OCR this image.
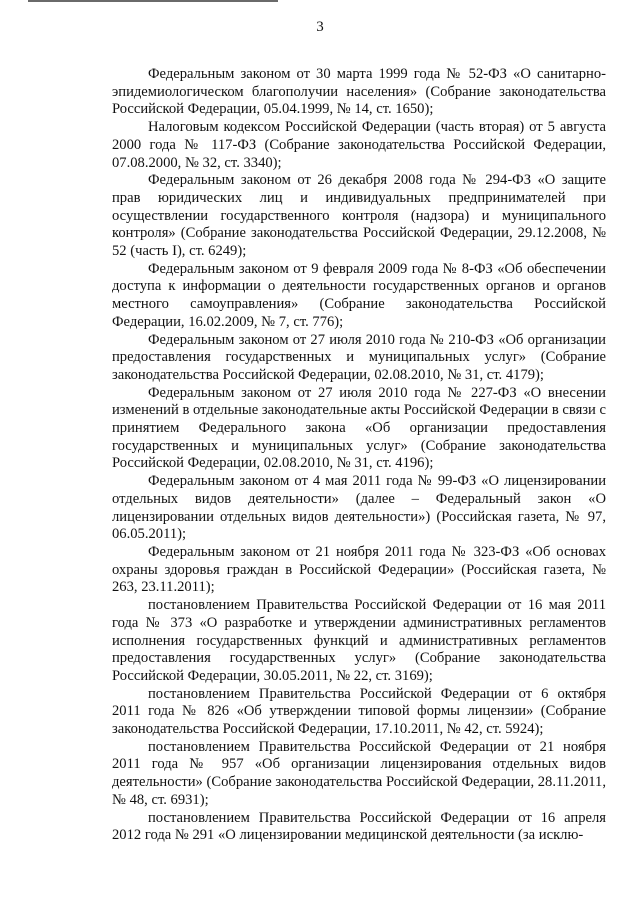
3

Федеральным законом от 30 марта 1999 года № 52-ФЗ «О санитарно-эпидемиологическом благополучии населения» (Собрание законодательства Российской Федерации, 05.04.1999, № 14, ст. 1650);

Налоговым кодексом Российской Федерации (часть вторая) от 5 августа 2000 года № 117-ФЗ (Собрание законодательства Российской Федерации, 07.08.2000, № 32, ст. 3340);

Федеральным законом от 26 декабря 2008 года № 294-ФЗ «О защите прав юридических лиц и индивидуальных предпринимателей при осуществлении государственного контроля (надзора) и муниципального контроля» (Собрание законодательства Российской Федерации, 29.12.2008, № 52 (часть I), ст. 6249);

Федеральным законом от 9 февраля 2009 года № 8-ФЗ «Об обеспечении доступа к информации о деятельности государственных органов и органов местного самоуправления» (Собрание законодательства Российской Федерации, 16.02.2009, № 7, ст. 776);

Федеральным законом от 27 июля 2010 года № 210-ФЗ «Об организации предоставления государственных и муниципальных услуг» (Собрание законодательства Российской Федерации, 02.08.2010, № 31, ст. 4179);

Федеральным законом от 27 июля 2010 года № 227-ФЗ «О внесении изменений в отдельные законодательные акты Российской Федерации в связи с принятием Федерального закона «Об организации предоставления государственных и муниципальных услуг» (Собрание законодательства Российской Федерации, 02.08.2010, № 31, ст. 4196);

Федеральным законом от 4 мая 2011 года № 99-ФЗ «О лицензировании отдельных видов деятельности» (далее – Федеральный закон «О лицензировании отдельных видов деятельности») (Российская газета, № 97, 06.05.2011);

Федеральным законом от 21 ноября 2011 года № 323-ФЗ «Об основах охраны здоровья граждан в Российской Федерации» (Российская газета, № 263, 23.11.2011);

постановлением Правительства Российской Федерации от 16 мая 2011 года № 373 «О разработке и утверждении административных регламентов исполнения государственных функций и административных регламентов предоставления государственных услуг» (Собрание законодательства Российской Федерации, 30.05.2011, № 22, ст. 3169);

постановлением Правительства Российской Федерации от 6 октября 2011 года № 826 «Об утверждении типовой формы лицензии» (Собрание законодательства Российской Федерации, 17.10.2011, № 42, ст. 5924);

постановлением Правительства Российской Федерации от 21 ноября 2011 года № 957 «Об организации лицензирования отдельных видов деятельности» (Собрание законодательства Российской Федерации, 28.11.2011, № 48, ст. 6931);

постановлением Правительства Российской Федерации от 16 апреля 2012 года № 291 «О лицензировании медицинской деятельности (за исклю-
